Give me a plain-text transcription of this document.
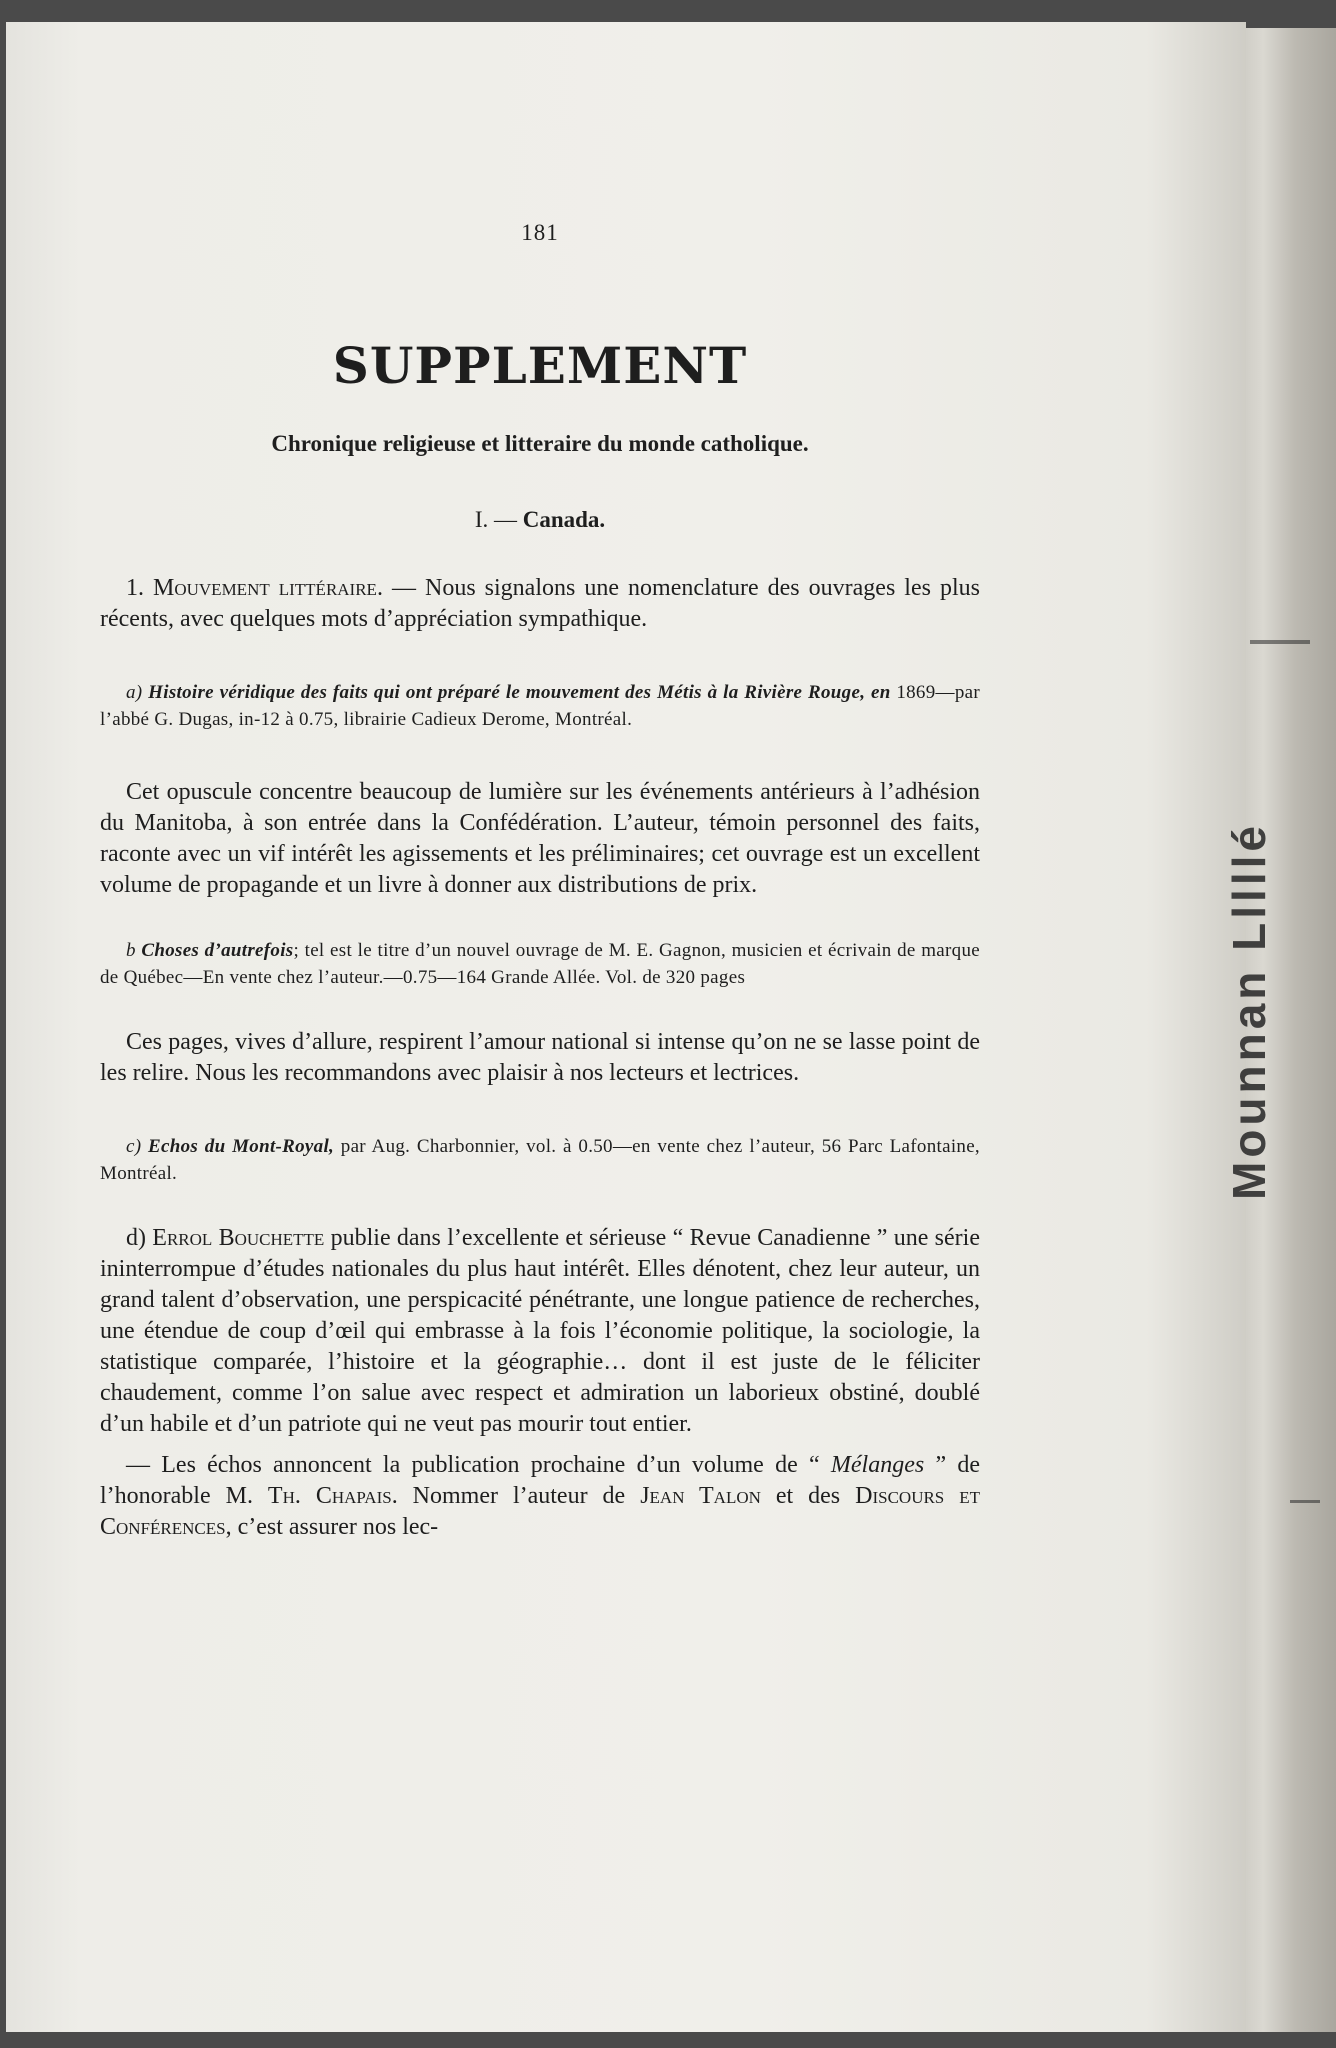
Mounnan Lllllé
181
SUPPLEMENT
Chronique religieuse et litteraire du monde catholique.
I. — Canada.

1. Mouvement littéraire. — Nous signalons une nomenclature des ouvrages les plus récents, avec quelques mots d’appréciation sympathique.

a) Histoire véridique des faits qui ont préparé le mouvement des Métis à la Rivière Rouge, en 1869—par l’abbé G. Dugas, in-12 à 0.75, librairie Cadieux Derome, Montréal.

Cet opuscule concentre beaucoup de lumière sur les événements antérieurs à l’adhésion du Manitoba, à son entrée dans la Confédération. L’auteur, témoin personnel des faits, raconte avec un vif intérêt les agissements et les préliminaires; cet ouvrage est un excellent volume de propagande et un livre à donner aux distributions de prix.

b Choses d’autrefois; tel est le titre d’un nouvel ouvrage de M. E. Gagnon, musicien et écrivain de marque de Québec—En vente chez l’auteur.—0.75—164 Grande Allée. Vol. de 320 pages

Ces pages, vives d’allure, respirent l’amour national si intense qu’on ne se lasse point de les relire. Nous les recommandons avec plaisir à nos lecteurs et lectrices.

c) Echos du Mont-Royal, par Aug. Charbonnier, vol. à 0.50—en vente chez l’auteur, 56 Parc Lafontaine, Montréal.

d) Errol Bouchette publie dans l’excellente et sérieuse “ Revue Canadienne ” une série ininterrompue d’études nationales du plus haut intérêt. Elles dénotent, chez leur auteur, un grand talent d’observation, une perspicacité pénétrante, une longue patience de recherches, une étendue de coup d’œil qui embrasse à la fois l’économie politique, la sociologie, la statistique comparée, l’histoire et la géographie… dont il est juste de le féliciter chaudement, comme l’on salue avec respect et admiration un laborieux obstiné, doublé d’un habile et d’un patriote qui ne veut pas mourir tout entier.

— Les échos annoncent la publication prochaine d’un volume de “ Mélanges ” de l’honorable M. Th. Chapais. Nommer l’auteur de Jean Talon et des Discours et Conférences, c’est assurer nos lec-
